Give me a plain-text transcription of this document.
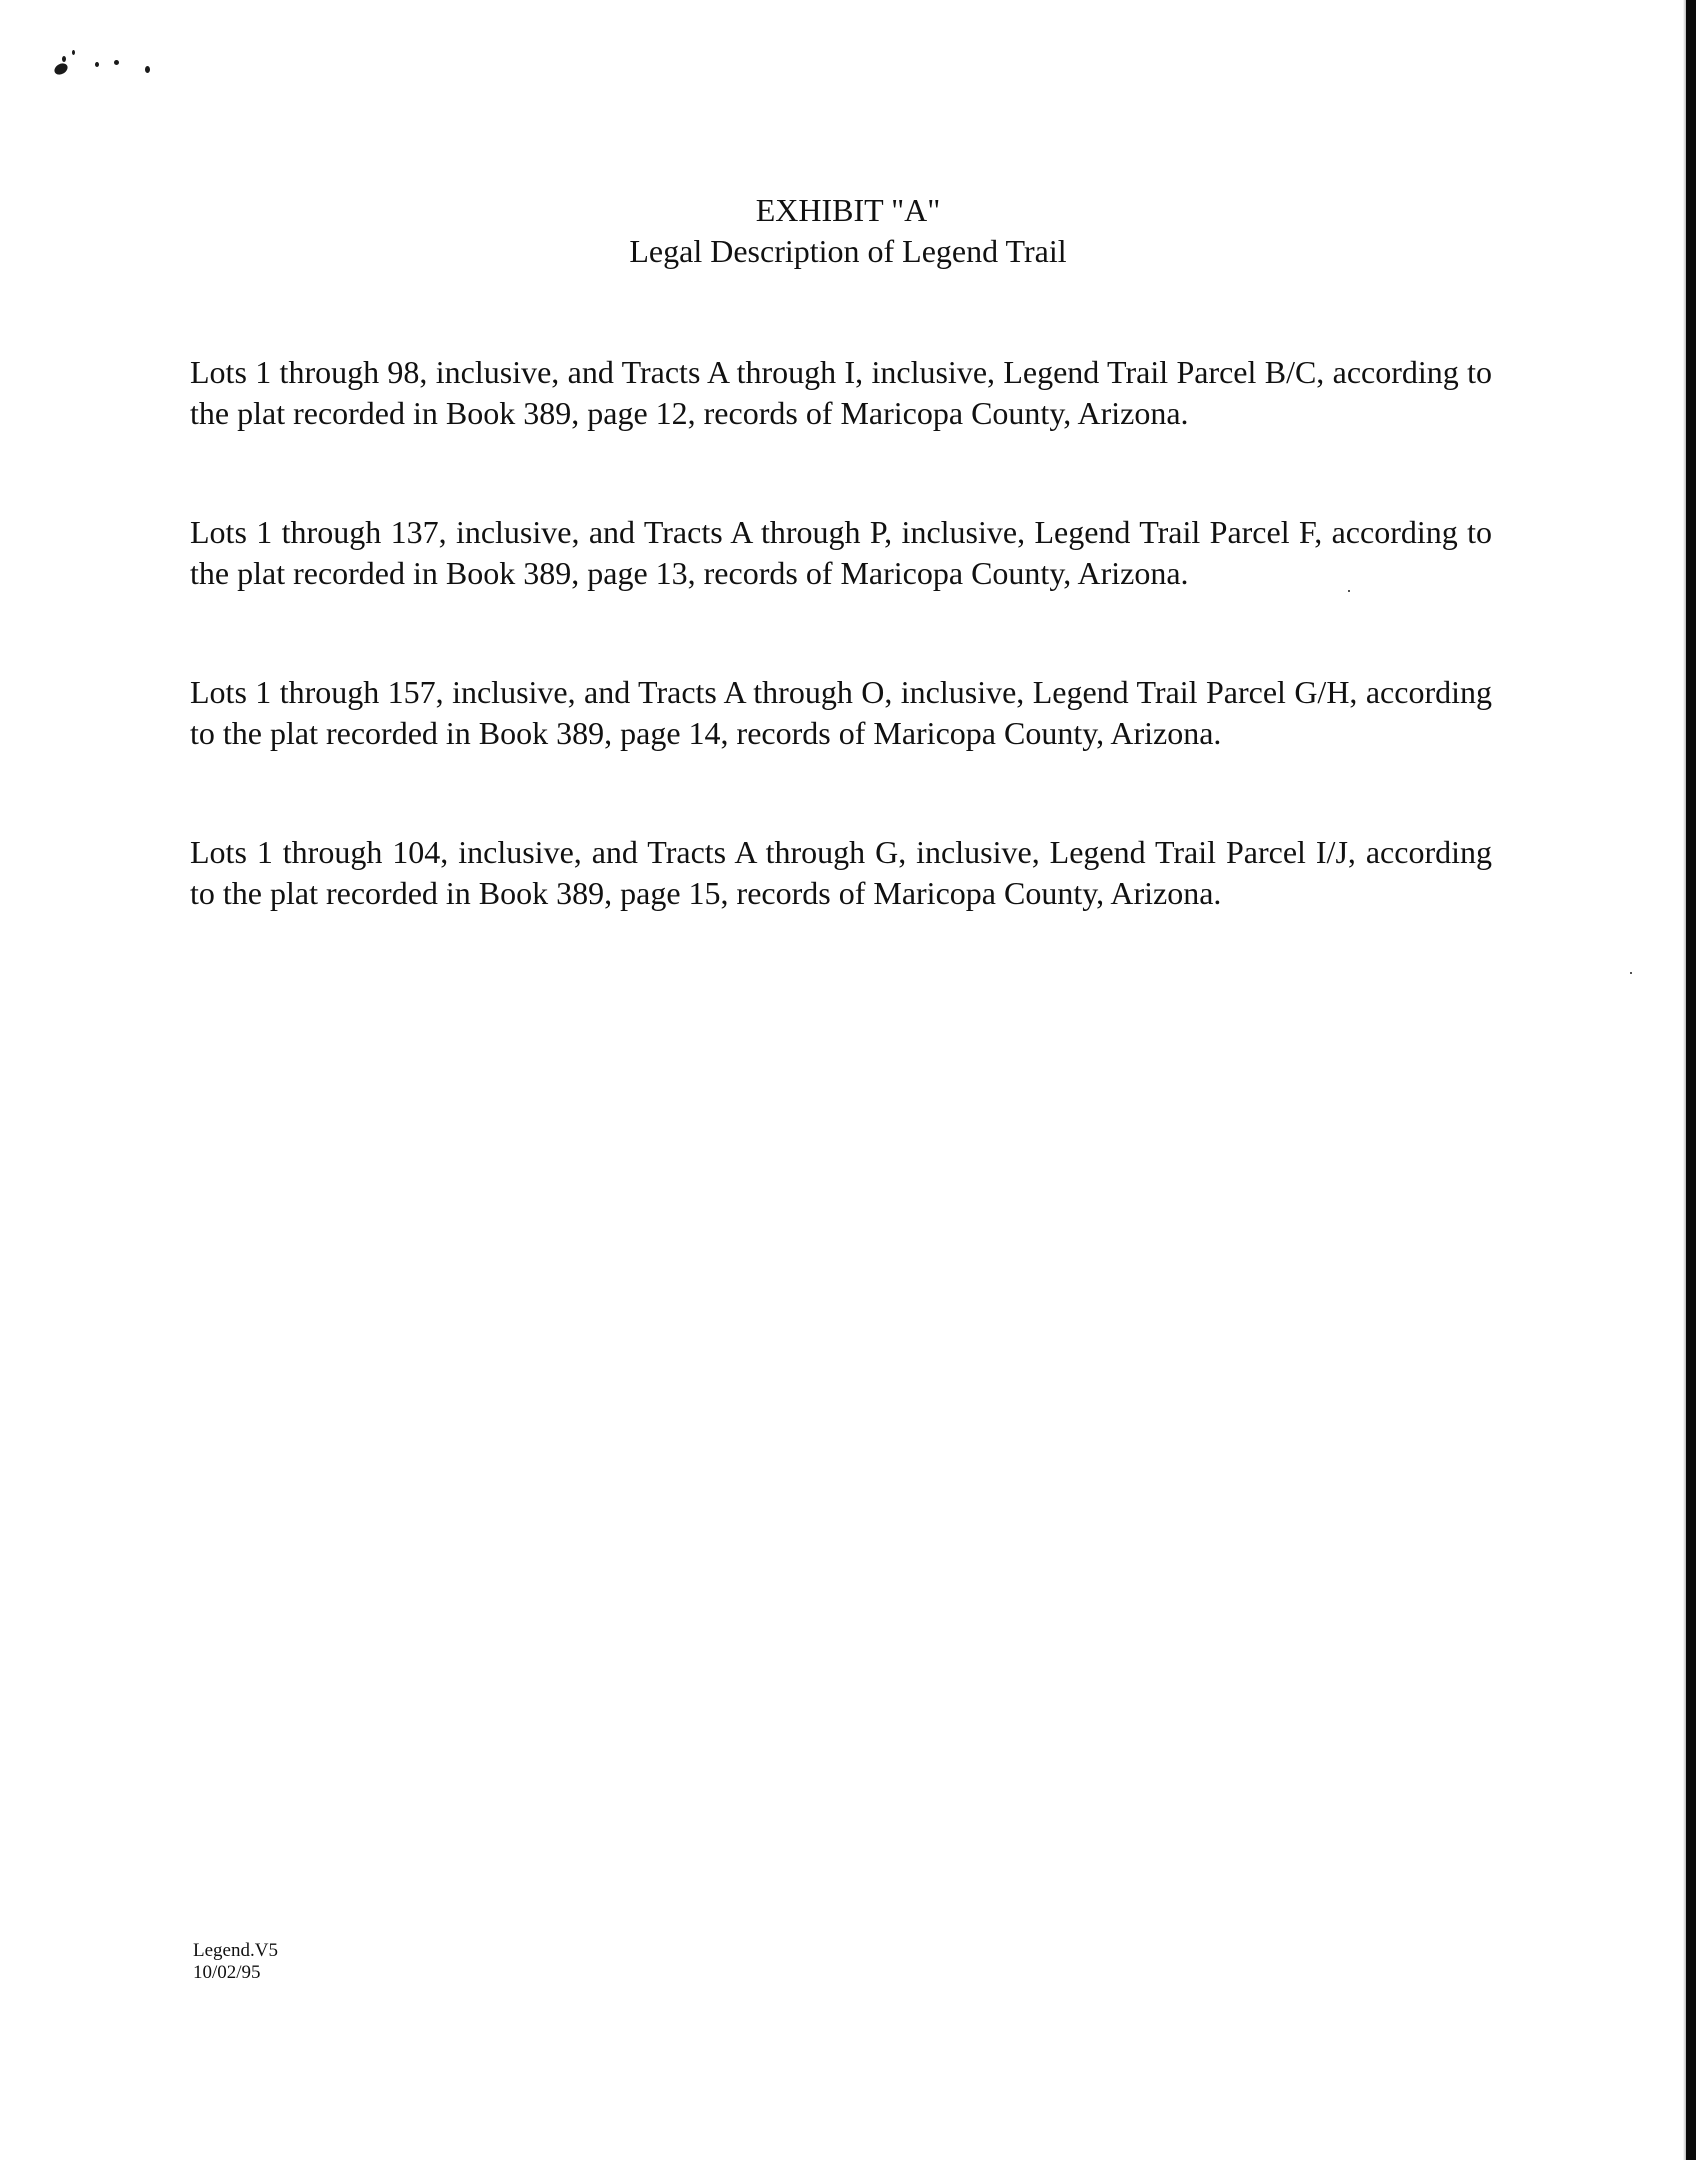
EXHIBIT "A"
Legal Description of Legend Trail

Lots 1 through 98, inclusive, and Tracts A through I, inclusive, Legend Trail Parcel B/C, according to the plat recorded in Book 389, page 12, records of Maricopa County, Arizona.

Lots 1 through 137, inclusive, and Tracts A through P, inclusive, Legend Trail Parcel F, according to the plat recorded in Book 389, page 13, records of Maricopa County, Arizona.

Lots 1 through 157, inclusive, and Tracts A through O, inclusive, Legend Trail Parcel G/H, according to the plat recorded in Book 389, page 14, records of Maricopa County, Arizona.

Lots 1 through 104, inclusive, and Tracts A through G, inclusive, Legend Trail Parcel I/J, according to the plat recorded in Book 389, page 15, records of Maricopa County, Arizona.

Legend.V5
10/02/95
